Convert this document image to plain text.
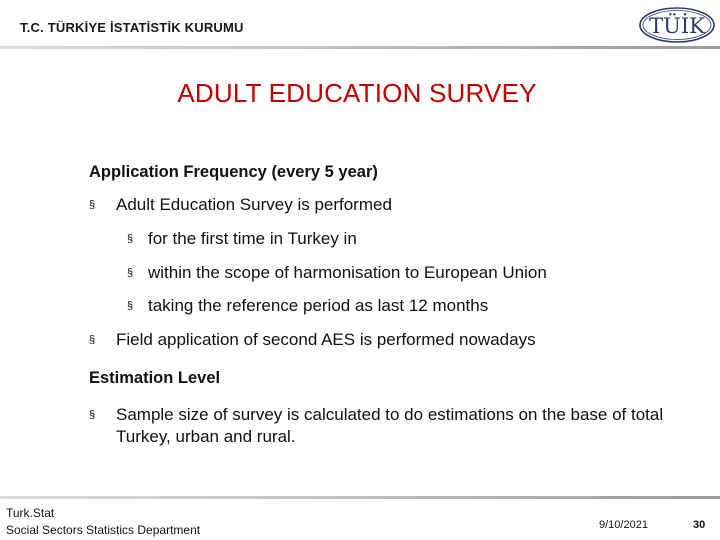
T.C. TÜRKİYE İSTATİSTİK KURUMU	TÜİK
ADULT EDUCATION SURVEY
Application Frequency (every 5 year)
§	Adult Education Survey is performed
§ for the first time in Turkey in
§ within the scope of harmonisation to European Union
§ taking the reference period as last 12 months
§	Field application of second AES is performed nowadays
Estimation Level
§	Sample size of survey is calculated to do estimations on the base of total Turkey, urban and rural.
Turk.Stat
Social Sectors Statistics Department	9/10/2021	30
